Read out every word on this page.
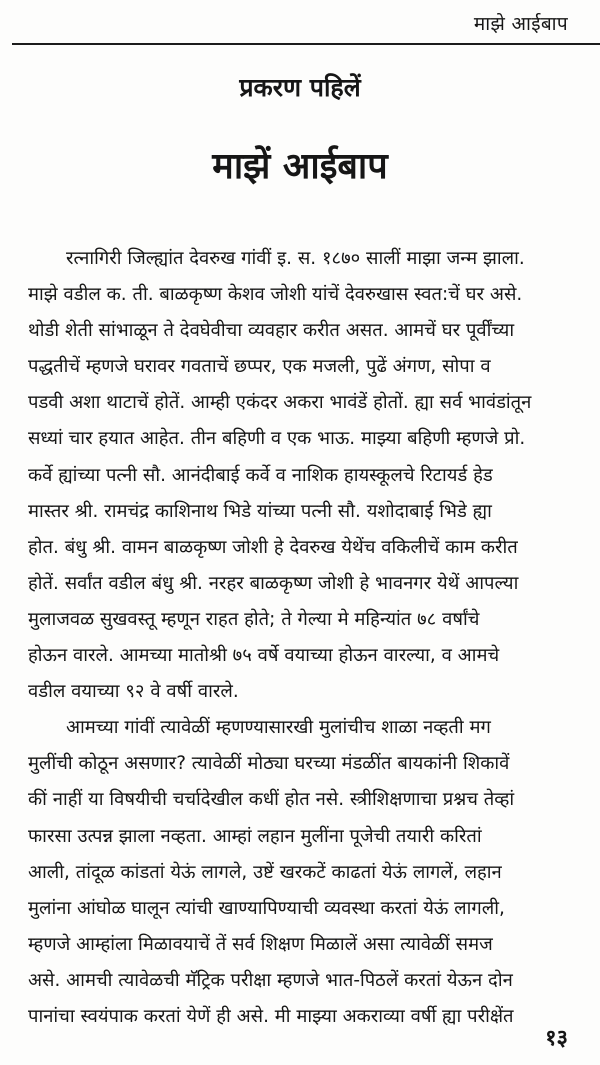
माझे आईबाप
प्रकरण पहिलें
माझें आईबाप
रत्नागिरी जिल्ह्यांत देवरुख गांवीं इ. स. १८७० सालीं माझा जन्म झाला.
माझे वडील क. ती. बाळकृष्ण केशव जोशी यांचें देवरुखास स्वत:चें घर असे.
थोडी शेती सांभाळून ते देवघेवीचा व्यवहार करीत असत. आमचें घर पूर्वींच्या
पद्धतीचें म्हणजे घरावर गवताचें छप्पर, एक मजली, पुढें अंगण, सोपा व
पडवी अशा थाटाचें होतें. आम्ही एकंदर अकरा भावंडें होतों. ह्या सर्व भावंडांतून
सध्यां चार हयात आहेत. तीन बहिणी व एक भाऊ. माझ्या बहिणी म्हणजे प्रो.
कर्वे ह्यांच्या पत्नी सौ. आनंदीबाई कर्वे व नाशिक हायस्कूलचे रिटायर्ड हेड
मास्तर श्री. रामचंद्र काशिनाथ भिडे यांच्या पत्नी सौ. यशोदाबाई भिडे ह्या
होत. बंधु श्री. वामन बाळकृष्ण जोशी हे देवरुख येथेंच वकिलीचें काम करीत
होतें. सर्वांत वडील बंधु श्री. नरहर बाळकृष्ण जोशी हे भावनगर येथें आपल्या
मुलाजवळ सुखवस्तू म्हणून राहत होते; ते गेल्या मे महिन्यांत ७८ वर्षांचे
होऊन वारले. आमच्या मातोश्री ७५ वर्षे वयाच्या होऊन वारल्या, व आमचे
वडील वयाच्या ९२ वे वर्षी वारले.
आमच्या गांवीं त्यावेळीं म्हणण्यासारखी मुलांचीच शाळा नव्हती मग
मुलींची कोठून असणार? त्यावेळीं मोठ्या घरच्या मंडळींत बायकांनी शिकावें
कीं नाहीं या विषयीची चर्चादेखील कधीं होत नसे. स्त्रीशिक्षणाचा प्रश्नच तेव्हां
फारसा उत्पन्न झाला नव्हता. आम्हां लहान मुलींना पूजेची तयारी करितां
आली, तांदूळ कांडतां येऊं लागले, उष्टें खरकटें काढतां येऊं लागलें, लहान
मुलांना आंघोळ घालून त्यांची खाण्यापिण्याची व्यवस्था करतां येऊं लागली,
म्हणजे आम्हांला मिळावयाचें तें सर्व शिक्षण मिळालें असा त्यावेळीं समज
असे. आमची त्यावेळची मॅट्रिक परीक्षा म्हणजे भात-पिठलें करतां येऊन दोन
पानांचा स्वयंपाक करतां येणें ही असे. मी माझ्या अकराव्या वर्षी ह्या परीक्षेंत
१३
